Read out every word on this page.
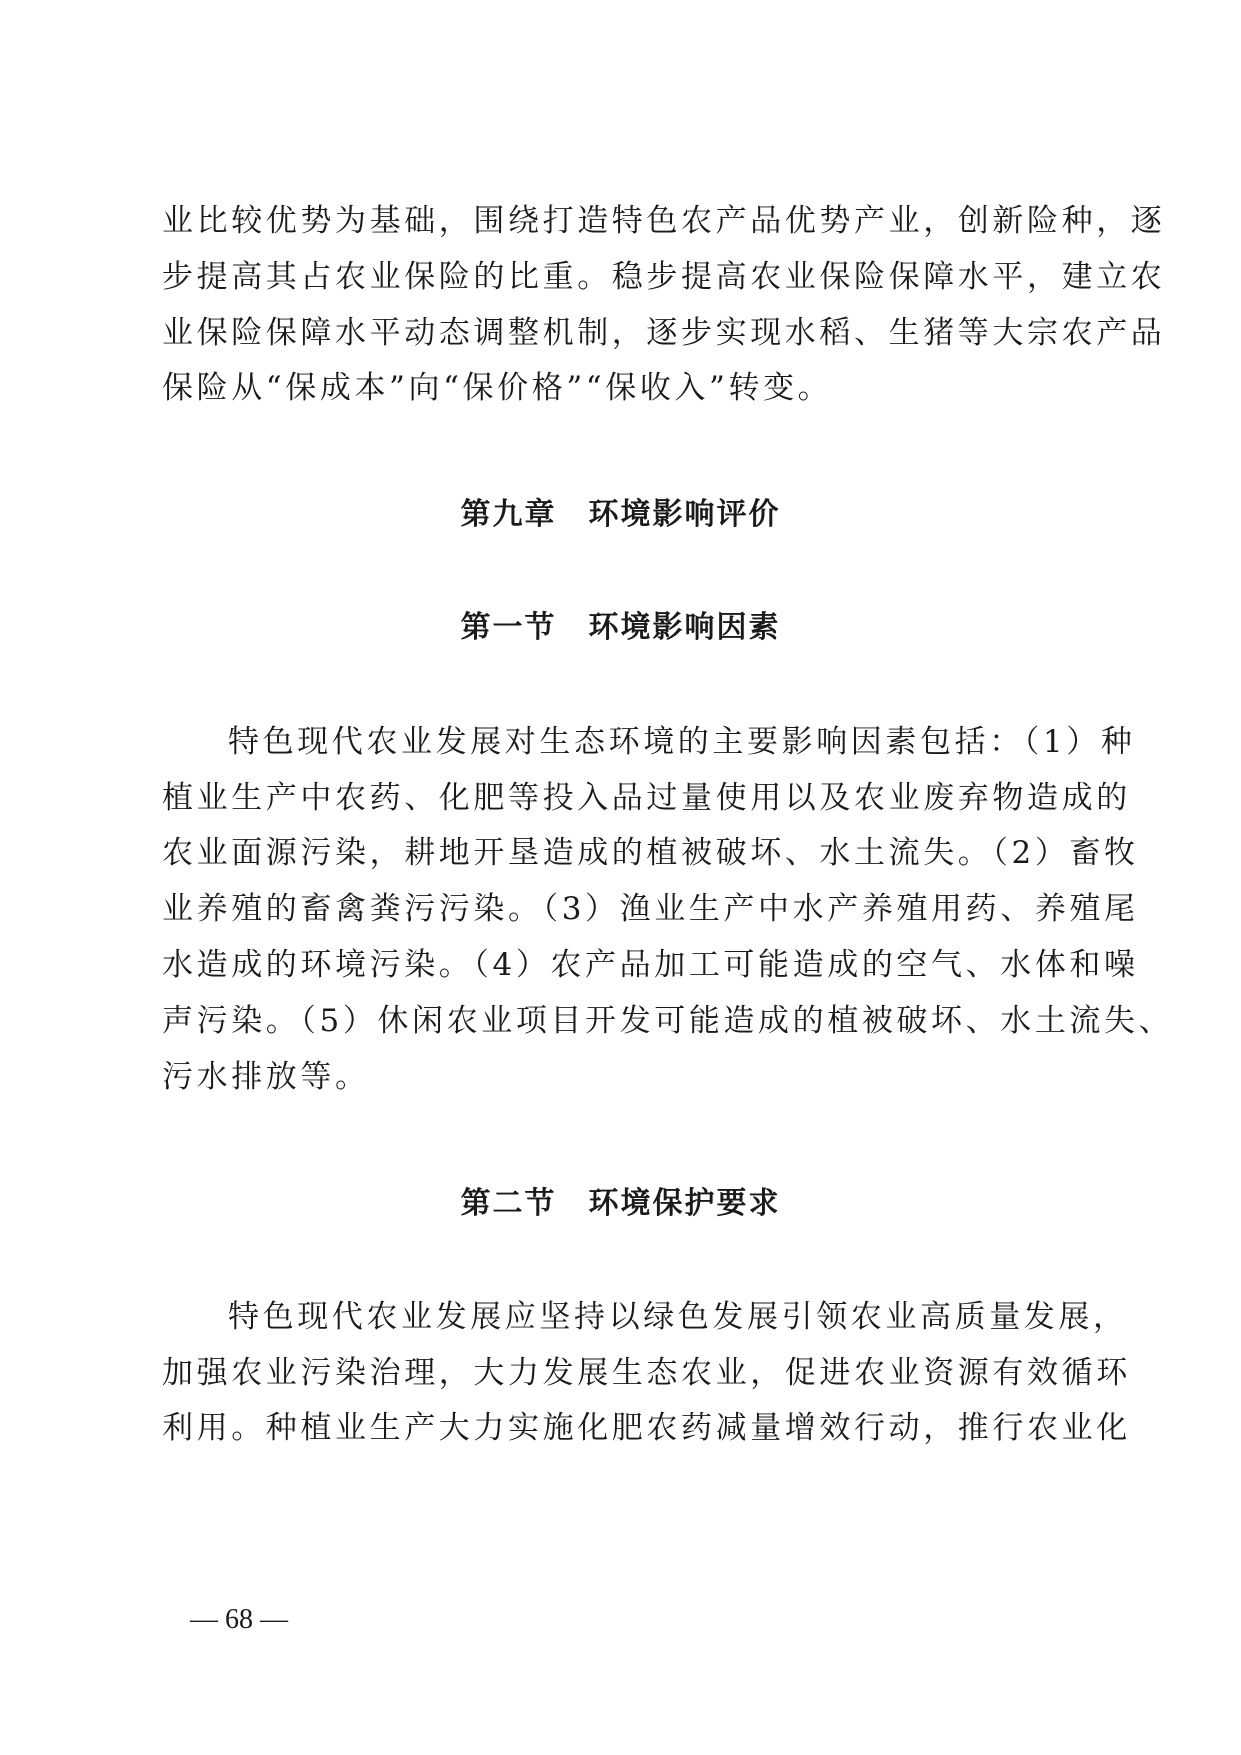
业比较优势为基础，围绕打造特色农产品优势产业，创新险种，逐
步提高其占农业保险的比重。稳步提高农业保险保障水平，建立农
业保险保障水平动态调整机制，逐步实现水稻、生猪等大宗农产品
保险从“保成本”向“保价格”“保收入”转变。
第九章　环境影响评价
第一节　环境影响因素
特色现代农业发展对生态环境的主要影响因素包括：（1）种
植业生产中农药、化肥等投入品过量使用以及农业废弃物造成的
农业面源污染，耕地开垦造成的植被破坏、水土流失。（2）畜牧
业养殖的畜禽粪污污染。（3）渔业生产中水产养殖用药、养殖尾
水造成的环境污染。（4）农产品加工可能造成的空气、水体和噪
声污染。（5）休闲农业项目开发可能造成的植被破坏、水土流失、
污水排放等。
第二节　环境保护要求
特色现代农业发展应坚持以绿色发展引领农业高质量发展，
加强农业污染治理，大力发展生态农业，促进农业资源有效循环
利用。种植业生产大力实施化肥农药减量增效行动，推行农业化
— 68 —
